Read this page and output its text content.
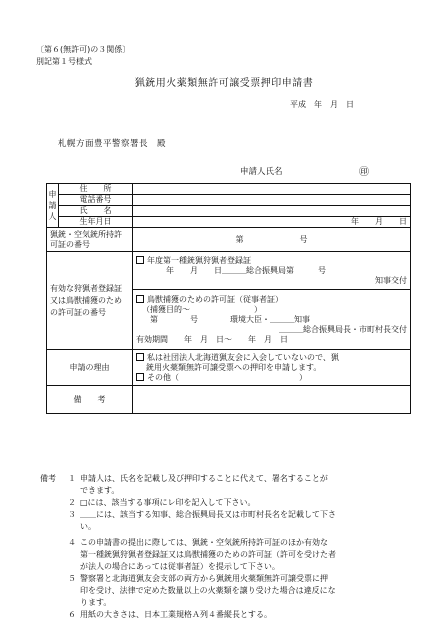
〔第６(無許可)の３関係〕
別記第１号様式
猟銃用火薬類無許可譲受票押印申請書
平成　年　月　日
札幌方面豊平警察署長　殿
申請人氏名	㊞
申
請
人	住　　所	
	電話番号	
	氏　　名	
	生年月日	年　　月　　日
猟銃・空気銃所持許可証の番号		第　　　　　　　号
有効な狩猟者登録証又は鳥獣捕獲のための許可証の番号		年度第一種銃猟狩猟者登録証
年　　月　　日＿＿＿総合振興局第　　　号
知事交付

		鳥獣捕獲のための許可証（従事者証）
（捕獲目的～　　　　　　　　）
第　　　　号　　　　環境大臣・＿＿＿知事
＿＿＿総合振興局長・市町村長交付
有効期間　　年　月　日～　　年　月　日

申請の理由		私は社団法人北海道猟友会に入会していないので、猟
銃用火薬類無許可譲受票への押印を申請します。
その他（　　　　　　　　　　　　　　　）

備　　考		
備考 １ 申請人は、氏名を記載し及び押印することに代えて、署名することが
できます。
２ □には、該当する事項にレ印を記入して下さい。
３ ＿＿には、該当する知事、総合振興局長又は市町村長名を記載して下さ
い。
４ この申請書の提出に際しては、猟銃・空気銃所持許可証のほか有効な
第一種銃猟狩猟者登録証又は鳥獣捕獲のための許可証（許可を受けた者
が法人の場合にあっては従事者証）を提示して下さい。
５ 警察署と北海道猟友会支部の両方から猟銃用火薬類無許可譲受票に押
印を受け、法律で定めた数量以上の火薬類を譲り受けた場合は違反にな
ります。
６ 用紙の大きさは、日本工業規格Ａ列４番縦長とする。
